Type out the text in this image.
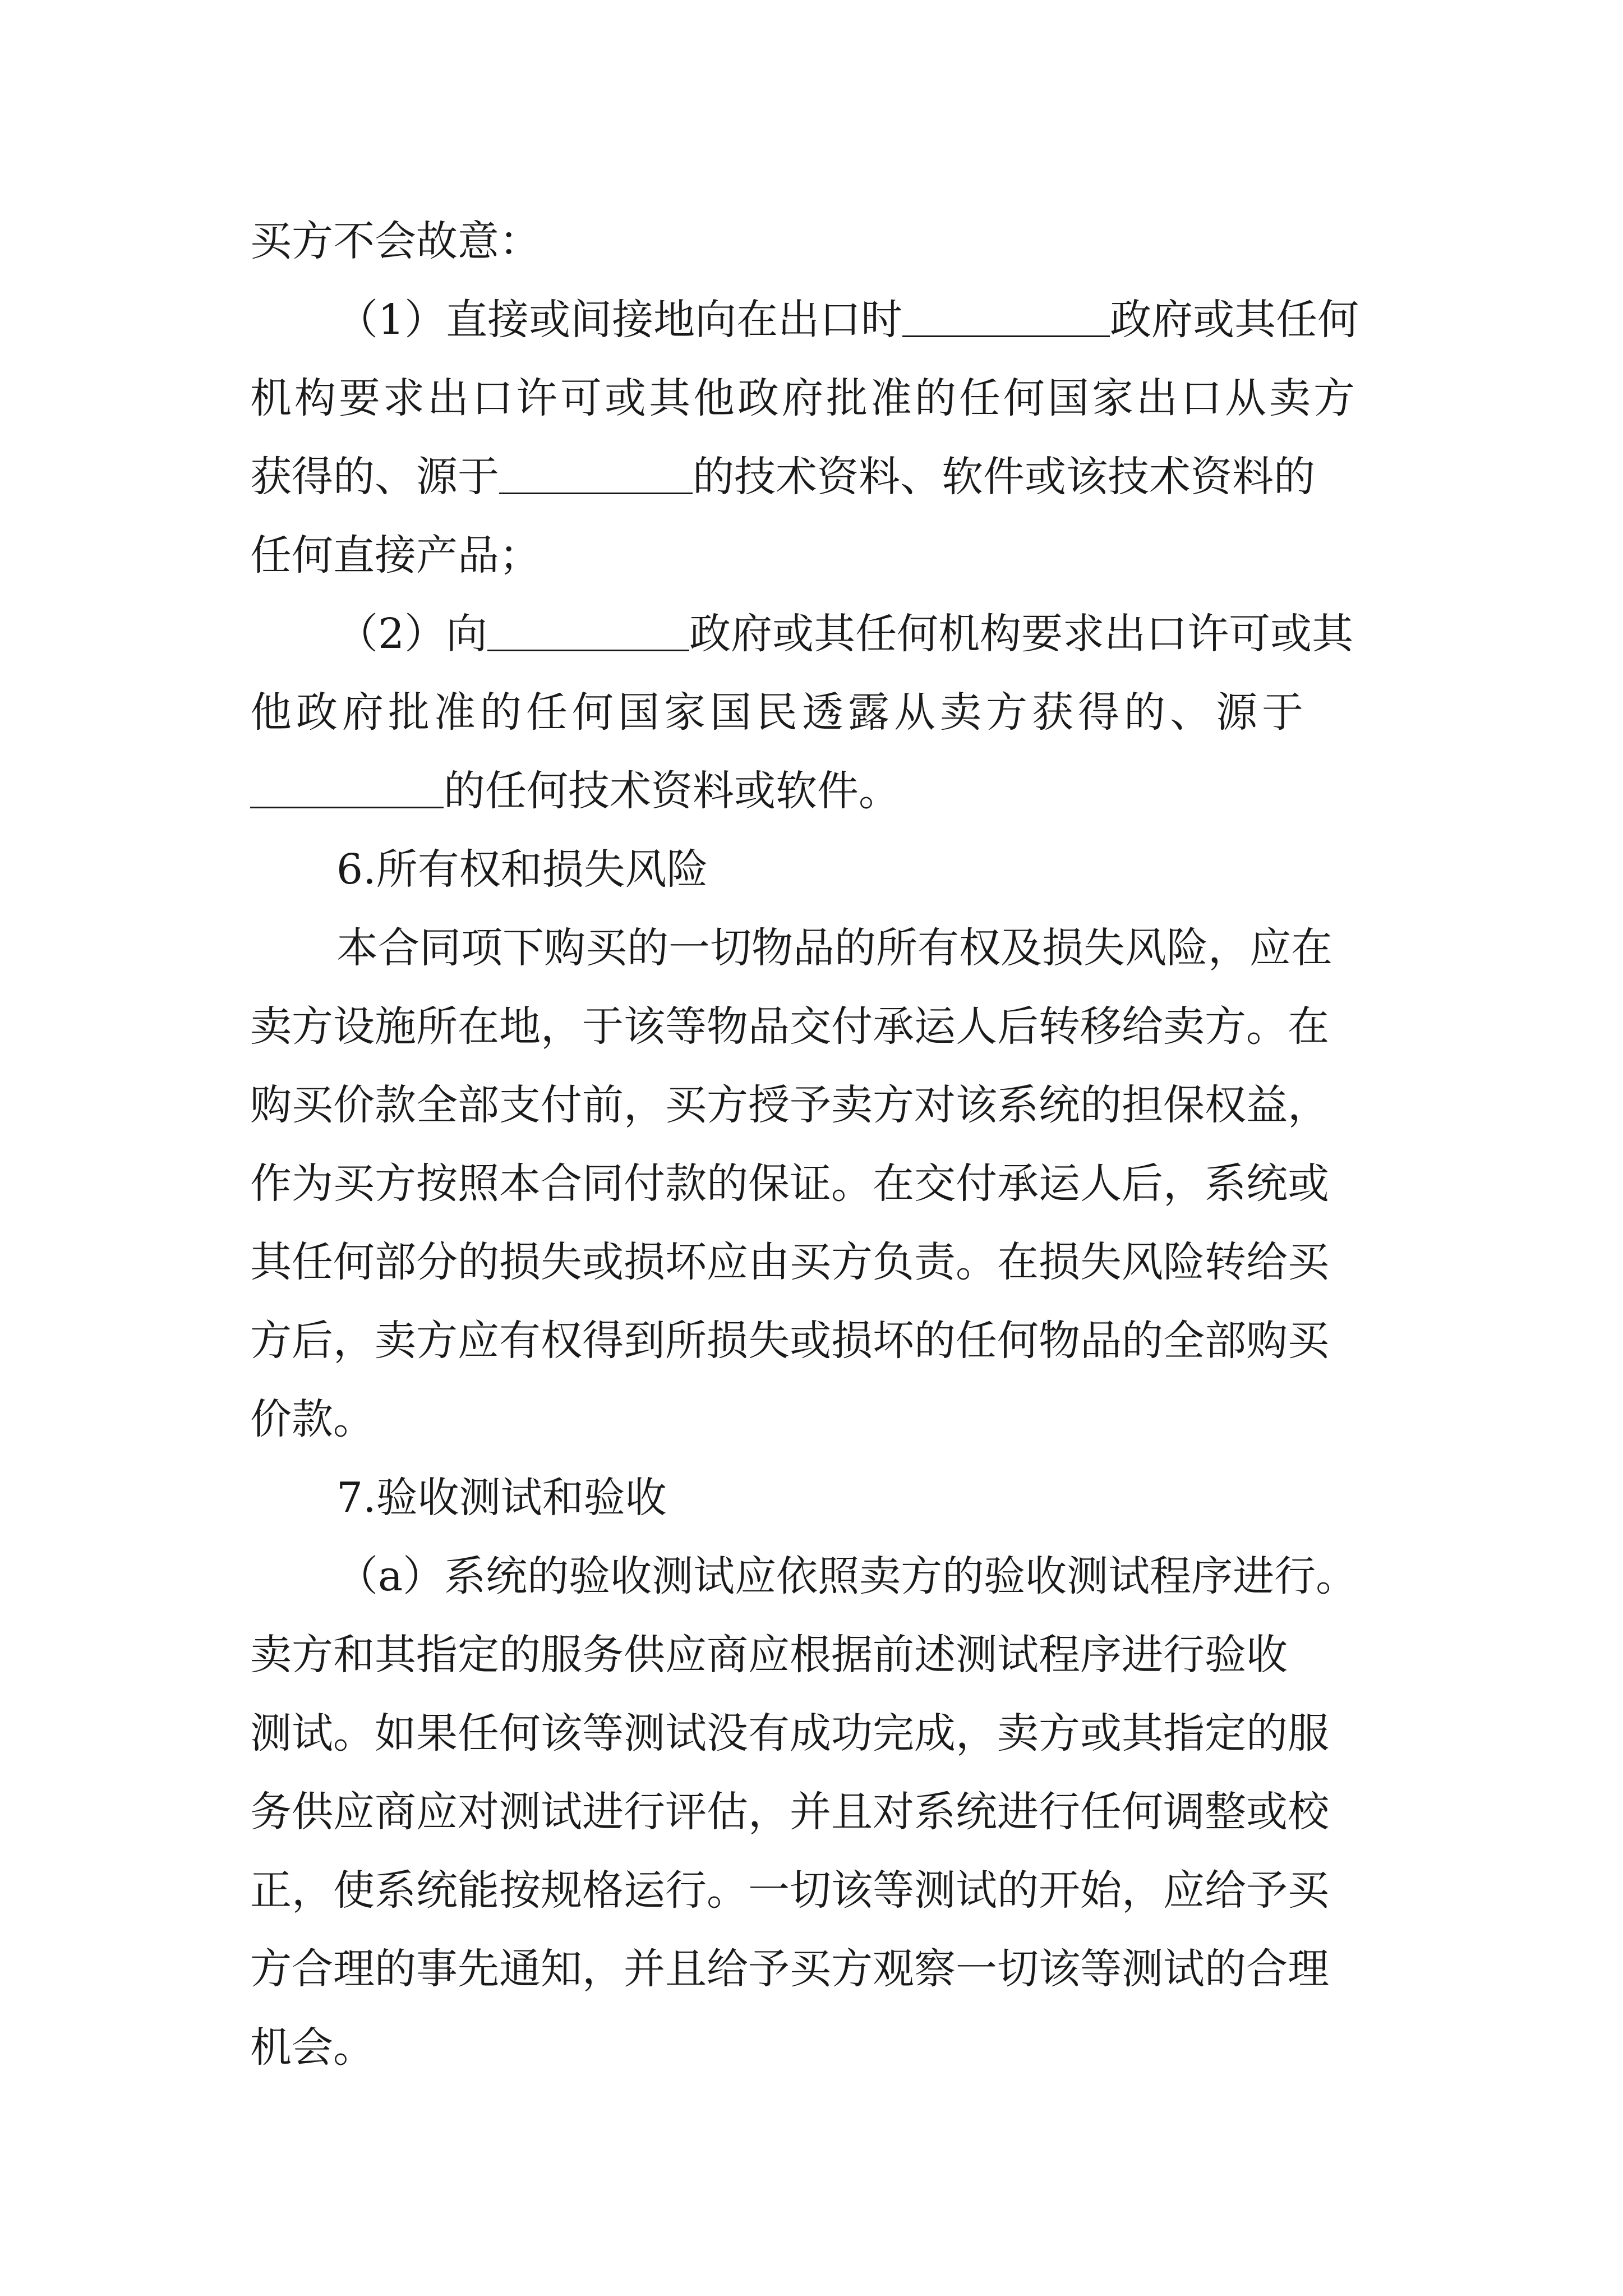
买方不会故意：
（1）直接或间接地向在出口时	政府或其任何
机构要求出口许可或其他政府批准的任何国家出口从卖方
获得的、源于	的技术资料、软件或该技术资料的
任何直接产品；
（2）向	政府或其任何机构要求出口许可或其
他政府批准的任何国家国民透露从卖方获得的、源于
的任何技术资料或软件。
6.所有权和损失风险
本合同项下购买的一切物品的所有权及损失风险，应在
卖方设施所在地，于该等物品交付承运人后转移给卖方。在
购买价款全部支付前，买方授予卖方对该系统的担保权益，
作为买方按照本合同付款的保证。在交付承运人后，系统或
其任何部分的损失或损坏应由买方负责。在损失风险转给买
方后，卖方应有权得到所损失或损坏的任何物品的全部购买
价款。
7.验收测试和验收
（a）系统的验收测试应依照卖方的验收测试程序进行。
卖方和其指定的服务供应商应根据前述测试程序进行验收
测试。如果任何该等测试没有成功完成，卖方或其指定的服
务供应商应对测试进行评估，并且对系统进行任何调整或校
正，使系统能按规格运行。一切该等测试的开始，应给予买
方合理的事先通知，并且给予买方观察一切该等测试的合理
机会。
